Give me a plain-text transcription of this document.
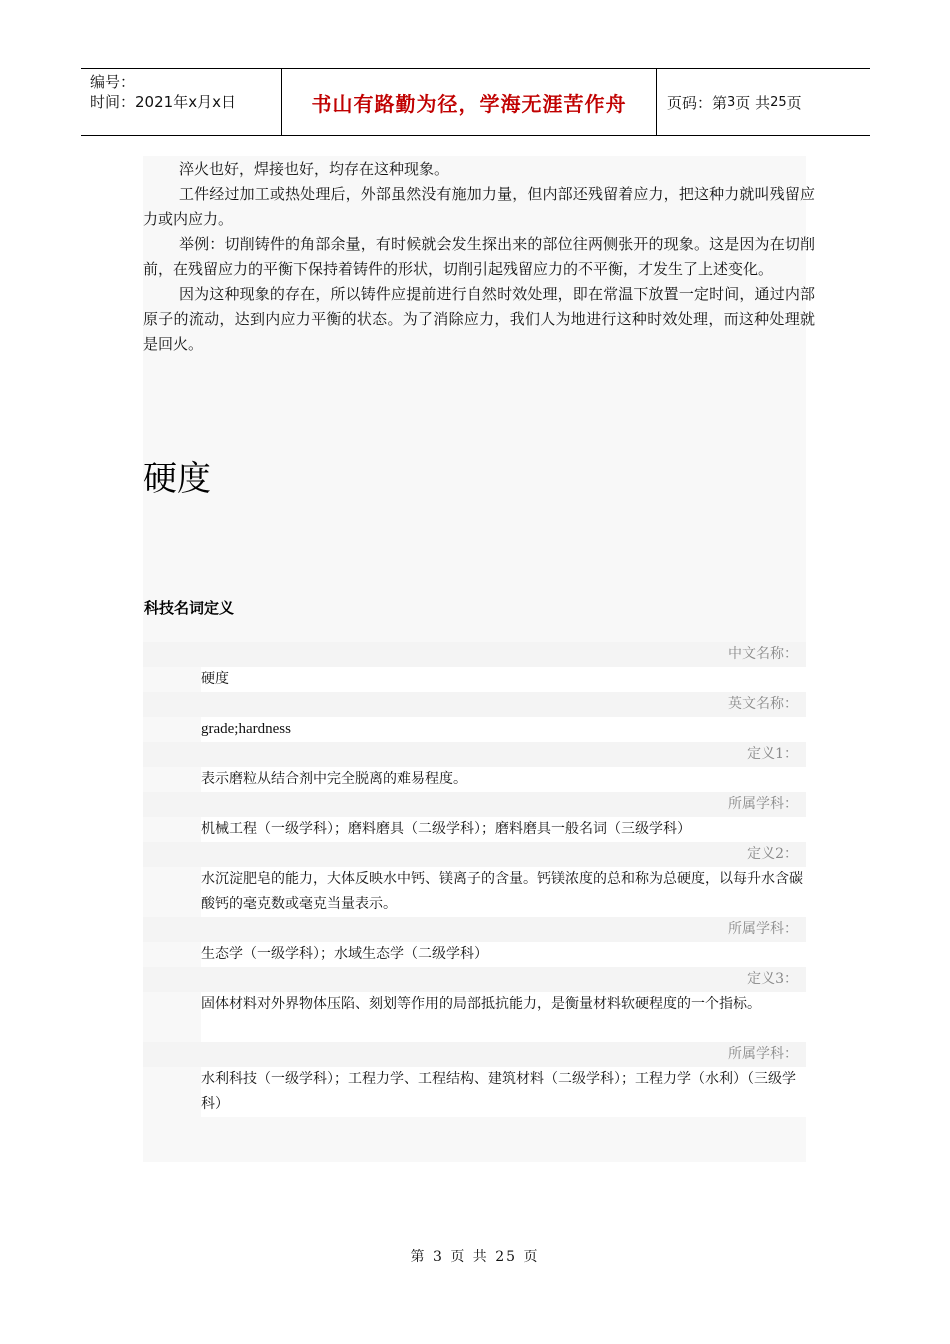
编号：
时间：2021年x月x日	书山有路勤为径，学海无涯苦作舟	页码：第 3 页 共 25 页

淬火也好，焊接也好，均存在这种现象。

工件经过加工或热处理后，外部虽然没有施加力量，但内部还残留着应力，把这种力就叫残留应力或内应力。

举例：切削铸件的角部余量，有时候就会发生探出来的部位往两侧张开的现象。这是因为在切削前，在残留应力的平衡下保持着铸件的形状，切削引起残留应力的不平衡，才发生了上述变化。

因为这种现象的存在，所以铸件应提前进行自然时效处理，即在常温下放置一定时间，通过内部原子的流动，达到内应力平衡的状态。为了消除应力，我们人为地进行这种时效处理，而这种处理就是回火。

硬度
科技名词定义
中文名称：

硬度

英文名称：

grade;hardness

定义1：

表示磨粒从结合剂中完全脱离的难易程度。

所属学科：

机械工程（一级学科）；磨料磨具（二级学科）；磨料磨具一般名词（三级学科）

定义2：

水沉淀肥皂的能力，大体反映水中钙、镁离子的含量。钙镁浓度的总和称为总硬度，以每升水含碳酸钙的毫克数或毫克当量表示。

所属学科：

生态学（一级学科）；水域生态学（二级学科）

定义3：

固体材料对外界物体压陷、刻划等作用的局部抵抗能力，是衡量材料软硬程度的一个指标。

所属学科：

水利科技（一级学科）；工程力学、工程结构、建筑材料（二级学科）；工程力学（水利）（三级学科）

第 3 页 共 25 页
